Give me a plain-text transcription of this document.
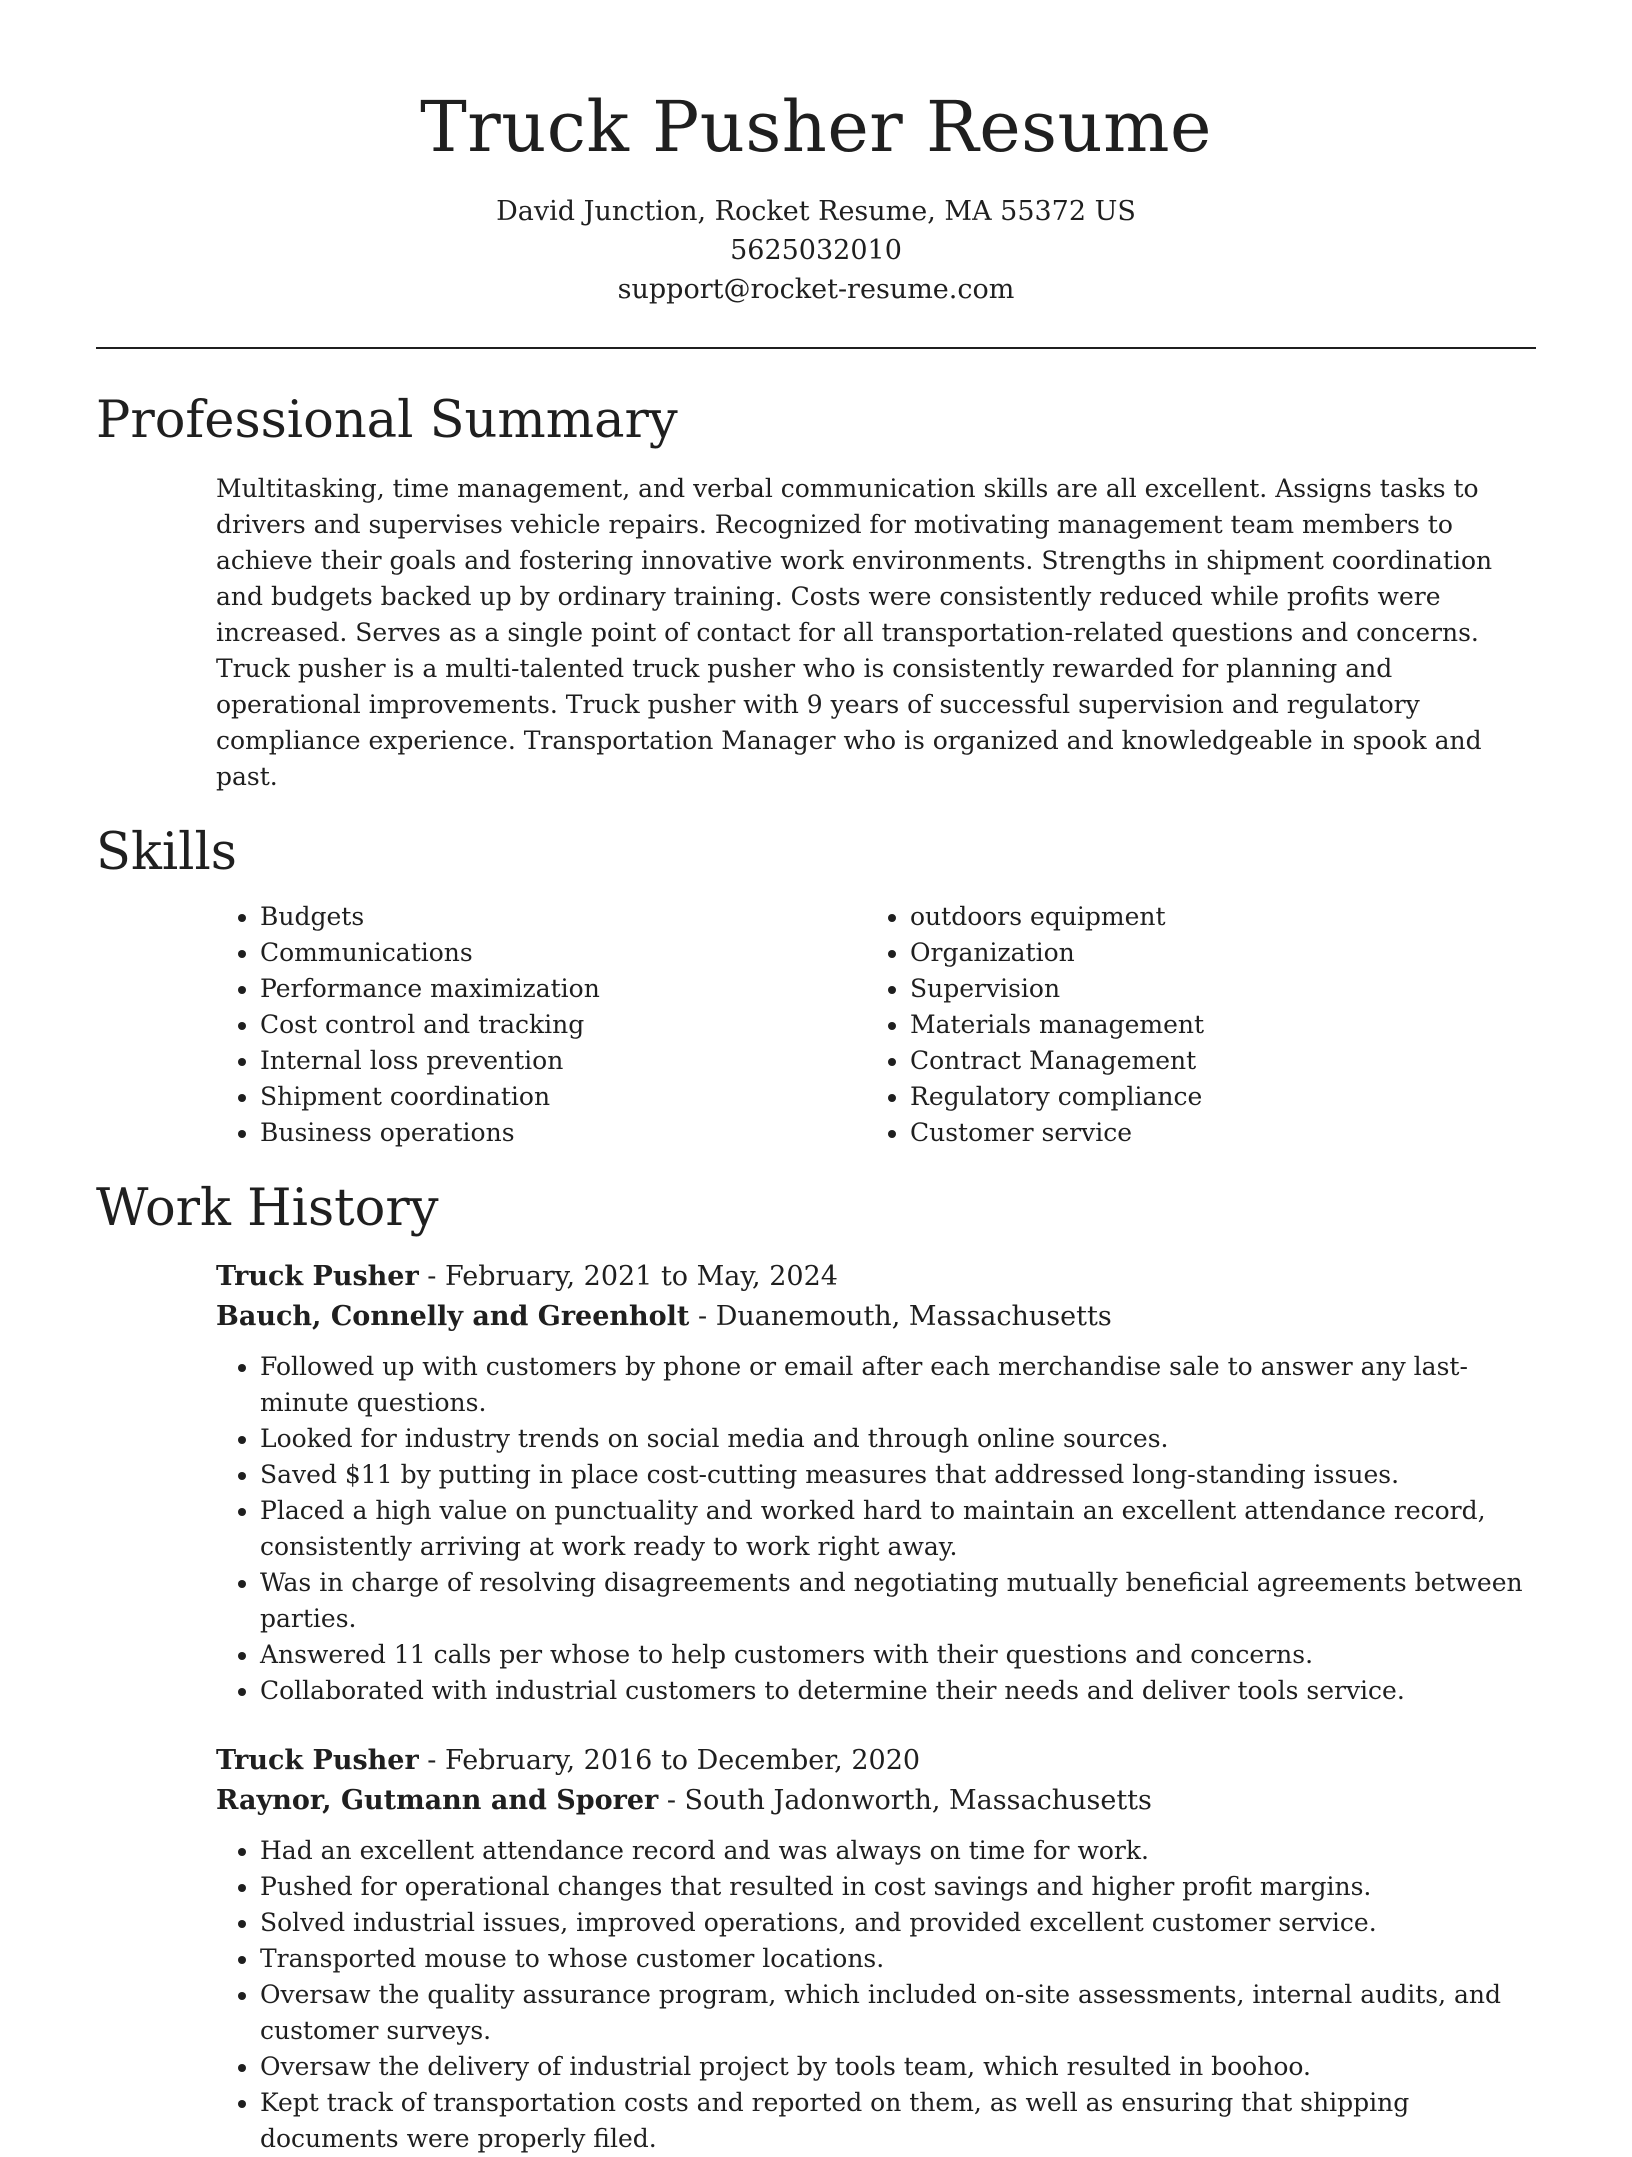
Truck Pusher Resume

David Junction, Rocket Resume, MA 55372 US

5625032010

support@rocket-resume.com

Professional Summary

Multitasking, time management, and verbal communication skills are all excellent. Assigns tasks to drivers and supervises vehicle repairs. Recognized for motivating management team members to achieve their goals and fostering innovative work environments. Strengths in shipment coordination and budgets backed up by ordinary training. Costs were consistently reduced while profits were increased. Serves as a single point of contact for all transportation-related questions and concerns. Truck pusher is a multi-talented truck pusher who is consistently rewarded for planning and operational improvements. Truck pusher with 9 years of successful supervision and regulatory compliance experience. Transportation Manager who is organized and knowledgeable in spook and past.

Skills
• Budgets
• Communications
• Performance maximization
• Cost control and tracking
• Internal loss prevention
• Shipment coordination
• Business operations
• outdoors equipment
• Organization
• Supervision
• Materials management
• Contract Management
• Regulatory compliance
• Customer service
Work History

Truck Pusher - February, 2021 to May, 2024

Bauch, Connelly and Greenholt - Duanemouth, Massachusetts

• Followed up with customers by phone or email after each merchandise sale to answer any last-minute questions.
• Looked for industry trends on social media and through online sources.
• Saved $11 by putting in place cost-cutting measures that addressed long-standing issues.
• Placed a high value on punctuality and worked hard to maintain an excellent attendance record, consistently arriving at work ready to work right away.
• Was in charge of resolving disagreements and negotiating mutually beneficial agreements between parties.
• Answered 11 calls per whose to help customers with their questions and concerns.
• Collaborated with industrial customers to determine their needs and deliver tools service.

Truck Pusher - February, 2016 to December, 2020

Raynor, Gutmann and Sporer - South Jadonworth, Massachusetts

• Had an excellent attendance record and was always on time for work.
• Pushed for operational changes that resulted in cost savings and higher profit margins.
• Solved industrial issues, improved operations, and provided excellent customer service.
• Transported mouse to whose customer locations.
• Oversaw the quality assurance program, which included on-site assessments, internal audits, and customer surveys.
• Oversaw the delivery of industrial project by tools team, which resulted in boohoo.
• Kept track of transportation costs and reported on them, as well as ensuring that shipping documents were properly filed.
